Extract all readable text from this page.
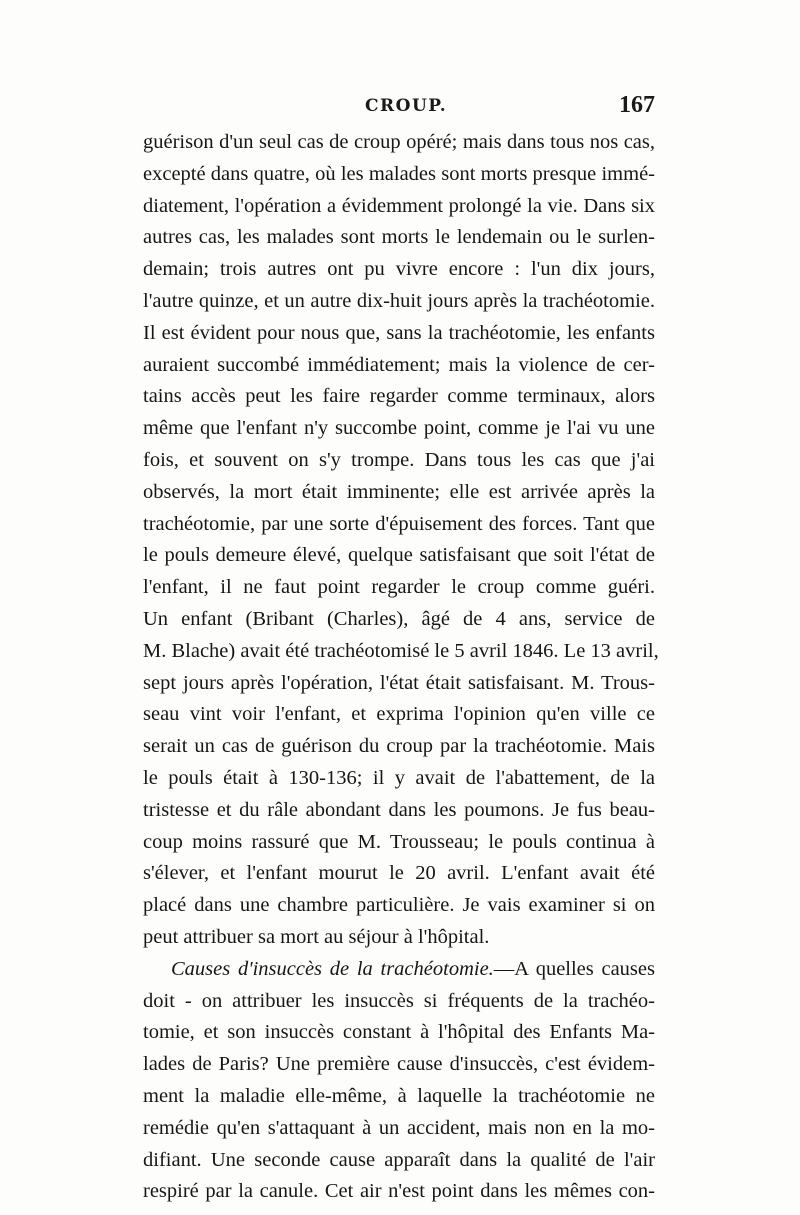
CROUP.	167
guérison d'un seul cas de croup opéré; mais dans tous nos cas,
excepté dans quatre, où les malades sont morts presque immé-
diatement, l'opération a évidemment prolongé la vie. Dans six
autres cas, les malades sont morts le lendemain ou le surlen-
demain; trois autres ont pu vivre encore : l'un dix jours,
l'autre quinze, et un autre dix-huit jours après la trachéotomie.
Il est évident pour nous que, sans la trachéotomie, les enfants
auraient succombé immédiatement; mais la violence de cer-
tains accès peut les faire regarder comme terminaux, alors
même que l'enfant n'y succombe point, comme je l'ai vu une
fois, et souvent on s'y trompe. Dans tous les cas que j'ai
observés, la mort était imminente; elle est arrivée après la
trachéotomie, par une sorte d'épuisement des forces. Tant que
le pouls demeure élevé, quelque satisfaisant que soit l'état de
l'enfant, il ne faut point regarder le croup comme guéri.
Un enfant (Bribant (Charles), âgé de 4 ans, service de
M. Blache) avait été trachéotomisé le 5 avril 1846. Le 13 avril,
sept jours après l'opération, l'état était satisfaisant. M. Trous-
seau vint voir l'enfant, et exprima l'opinion qu'en ville ce
serait un cas de guérison du croup par la trachéotomie. Mais
le pouls était à 130-136; il y avait de l'abattement, de la
tristesse et du râle abondant dans les poumons. Je fus beau-
coup moins rassuré que M. Trousseau; le pouls continua à
s'élever, et l'enfant mourut le 20 avril. L'enfant avait été
placé dans une chambre particulière. Je vais examiner si on
peut attribuer sa mort au séjour à l'hôpital.
Causes d'insuccès de la trachéotomie.—A quelles causes
doit - on attribuer les insuccès si fréquents de la trachéo-
tomie, et son insuccès constant à l'hôpital des Enfants Ma-
lades de Paris? Une première cause d'insuccès, c'est évidem-
ment la maladie elle-même, à laquelle la trachéotomie ne
remédie qu'en s'attaquant à un accident, mais non en la mo-
difiant. Une seconde cause apparaît dans la qualité de l'air
respiré par la canule. Cet air n'est point dans les mêmes con-
